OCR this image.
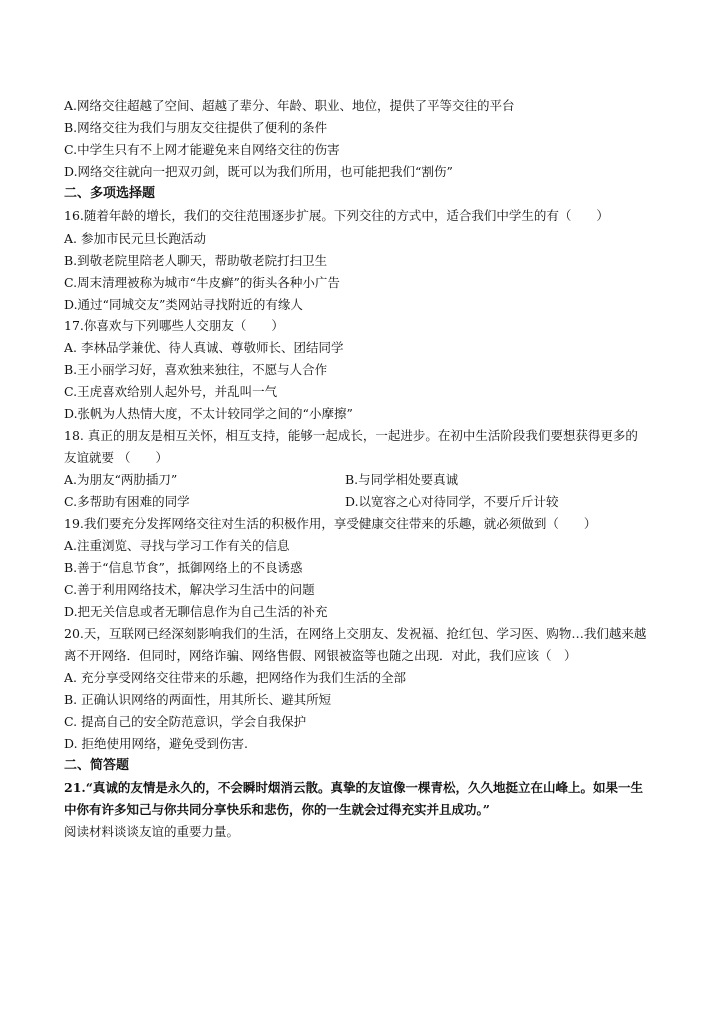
A.网络交往超越了空间、超越了辈分、年龄、职业、地位，提供了平等交往的平台
B.网络交往为我们与朋友交往提供了便利的条件
C.中学生只有不上网才能避免来自网络交往的伤害
D.网络交往就向一把双刃剑，既可以为我们所用，也可能把我们“割伤”
二、多项选择题
16.随着年龄的增长，我们的交往范围逐步扩展。下列交往的方式中，适合我们中学生的有（　　）
A. 参加市民元旦长跑活动
B.到敬老院里陪老人聊天，帮助敬老院打扫卫生
C.周末清理被称为城市“牛皮癣”的街头各种小广告
D.通过“同城交友”类网站寻找附近的有缘人
17.你喜欢与下列哪些人交朋友（　　）
A. 李林品学兼优、待人真诚、尊敬师长、团结同学
B.王小丽学习好，喜欢独来独往，不愿与人合作
C.王虎喜欢给别人起外号，并乱叫一气
D.张帆为人热情大度，不太计较同学之间的“小摩擦”
18. 真正的朋友是相互关怀，相互支持，能够一起成长，一起进步。在初中生活阶段我们要想获得更多的
友谊就要 （　　）
A.为朋友“两肋插刀”	B.与同学相处要真诚
C.多帮助有困难的同学	D.以宽容之心对待同学，不要斤斤计较
19.我们要充分发挥网络交往对生活的积极作用，享受健康交往带来的乐趣，就必须做到（　　）
A.注重浏览、寻找与学习工作有关的信息
B.善于“信息节食”，抵御网络上的不良诱惑
C.善于利用网络技术，解决学习生活中的问题
D.把无关信息或者无聊信息作为自己生活的补充
20.天，互联网已经深刻影响我们的生活，在网络上交朋友、发祝福、抢红包、学习医、购物…我们越来越
离不开网络．但同时，网络诈骗、网络售假、网银被盗等也随之出现．对此，我们应该（　）
A. 充分享受网络交往带来的乐趣，把网络作为我们生活的全部
B. 正确认识网络的两面性，用其所长、避其所短
C. 提高自己的安全防范意识，学会自我保护
D. 拒绝使用网络，避免受到伤害.
二、简答题
21.“真诚的友情是永久的，不会瞬时烟消云散。真挚的友谊像一棵青松，久久地挺立在山峰上。如果一生
中你有许多知己与你共同分享快乐和悲伤，你的一生就会过得充实并且成功。”
阅读材料谈谈友谊的重要力量。
